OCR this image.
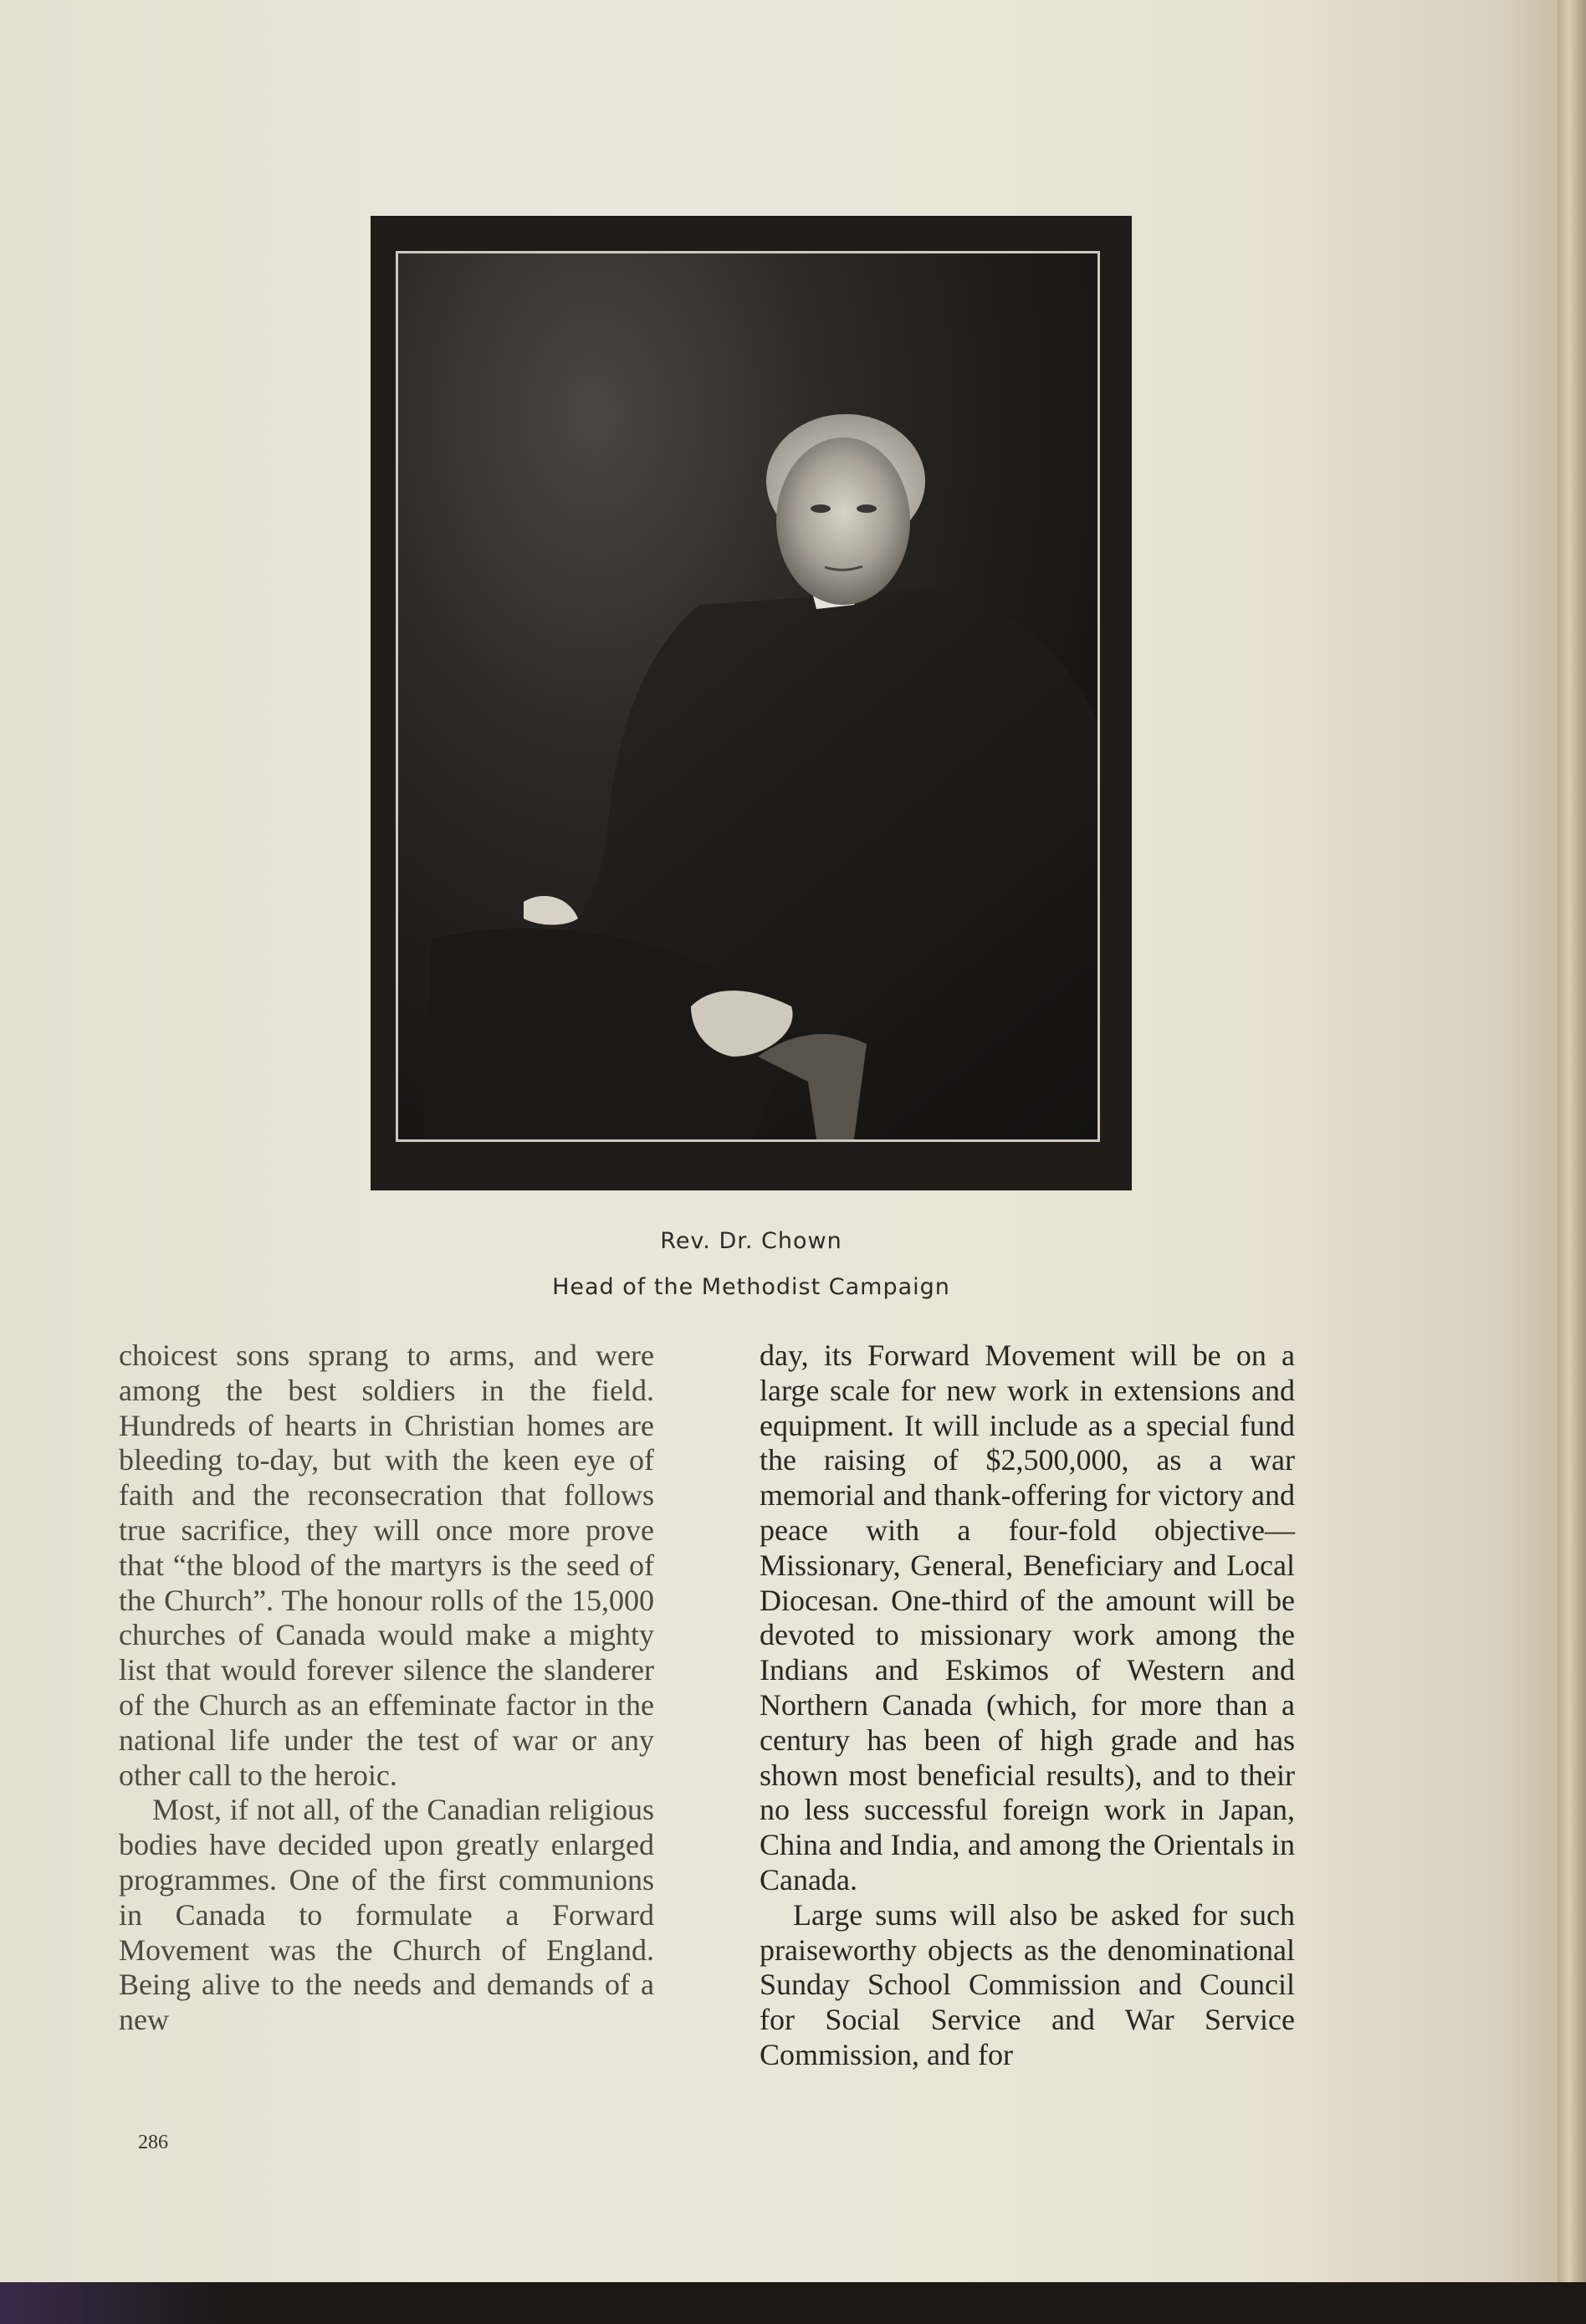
Rev. Dr. Chown
Head of the Methodist Campaign

choicest sons sprang to arms, and were among the best soldiers in the field. Hundreds of hearts in Christian homes are bleeding to-day, but with the keen eye of faith and the reconsecration that follows true sacrifice, they will once more prove that “the blood of the martyrs is the seed of the Church”. The honour rolls of the 15,000 churches of Canada would make a mighty list that would forever silence the slanderer of the Church as an effeminate factor in the national life under the test of war or any other call to the heroic.

Most, if not all, of the Canadian religious bodies have decided upon greatly enlarged programmes. One of the first communions in Canada to formulate a Forward Movement was the Church of England. Being alive to the needs and demands of a new

day, its Forward Movement will be on a large scale for new work in extensions and equipment. It will include as a special fund the raising of $2,500,000, as a war memorial and thank-offering for victory and peace with a four-fold objective—Missionary, General, Beneficiary and Local Diocesan. One-third of the amount will be devoted to missionary work among the Indians and Eskimos of Western and Northern Canada (which, for more than a century has been of high grade and has shown most beneficial results), and to their no less successful foreign work in Japan, China and India, and among the Orientals in Canada.

Large sums will also be asked for such praiseworthy objects as the denominational Sunday School Commission and Council for Social Service and War Service Commission, and for

286
